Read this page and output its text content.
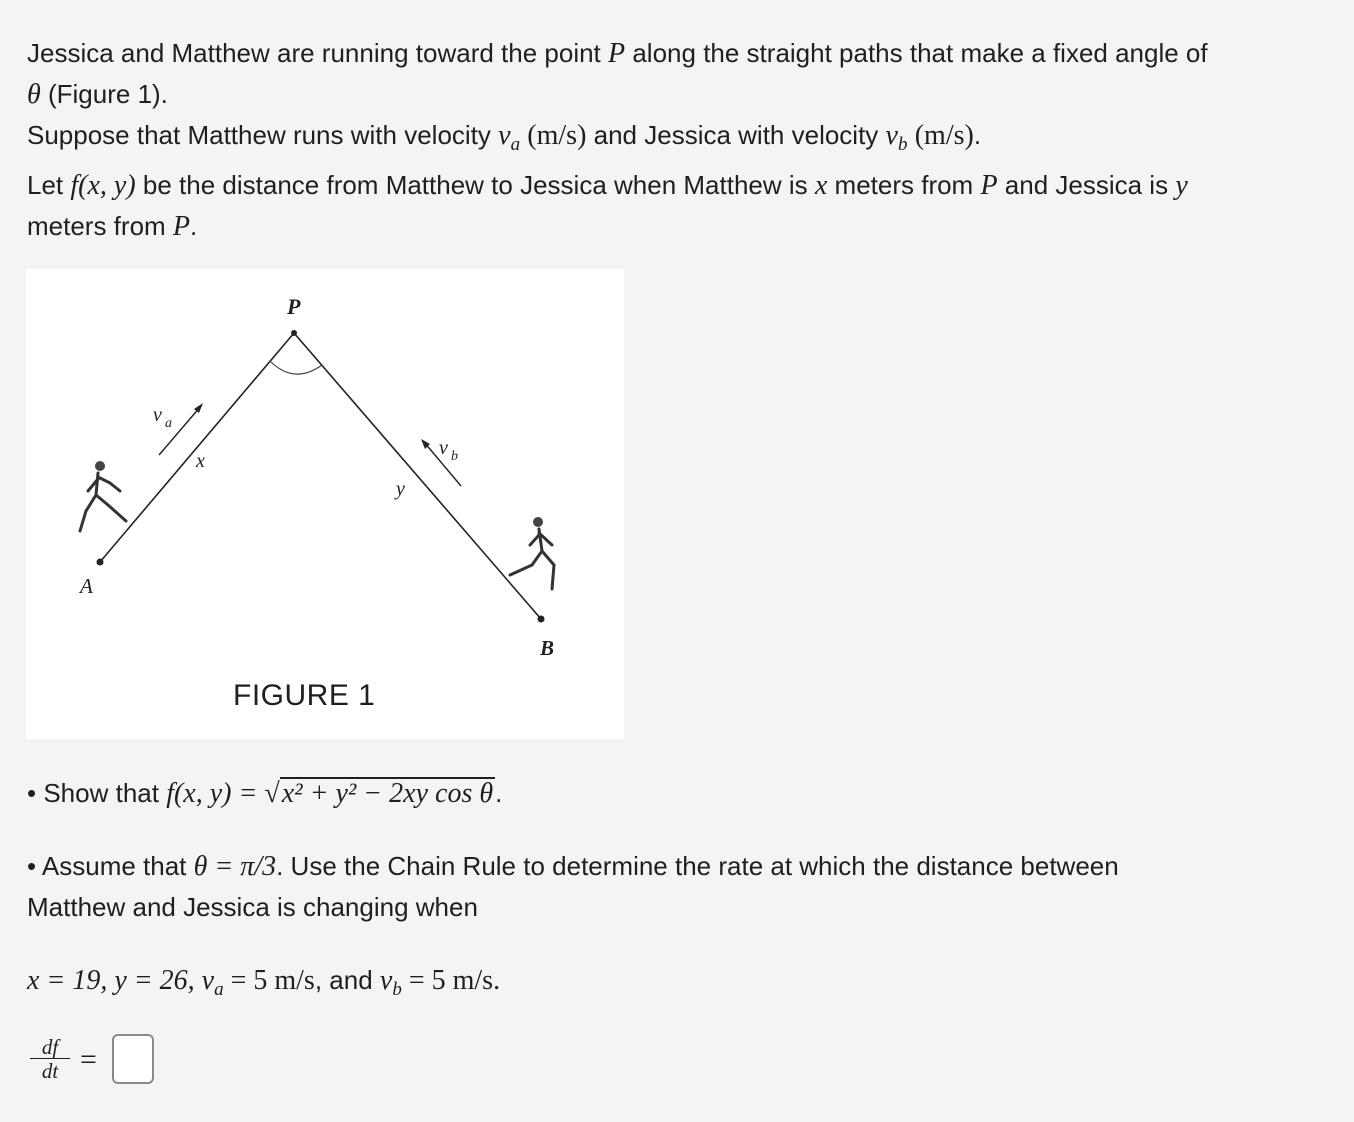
Jessica and Matthew are running toward the point P along the straight paths that make a fixed angle of
θ (Figure 1).
Suppose that Matthew runs with velocity $v_a$ (m/s) and Jessica with velocity $v_b$ (m/s).
Let f(x, y) be the distance from Matthew to Jessica when Matthew is x meters from P and Jessica is y
meters from P.
P
A
B
x
y
v a
v b
FIGURE 1
• Show that f(x, y) = √x² + y² − 2xy cos θ.
• Assume that θ = π/3. Use the Chain Rule to determine the rate at which the distance between
Matthew and Jessica is changing when
x = 19, y = 26, $v_a = 5$ m/s, and $v_b = 5$ m/s.
$\frac{df}{dt}$ =
